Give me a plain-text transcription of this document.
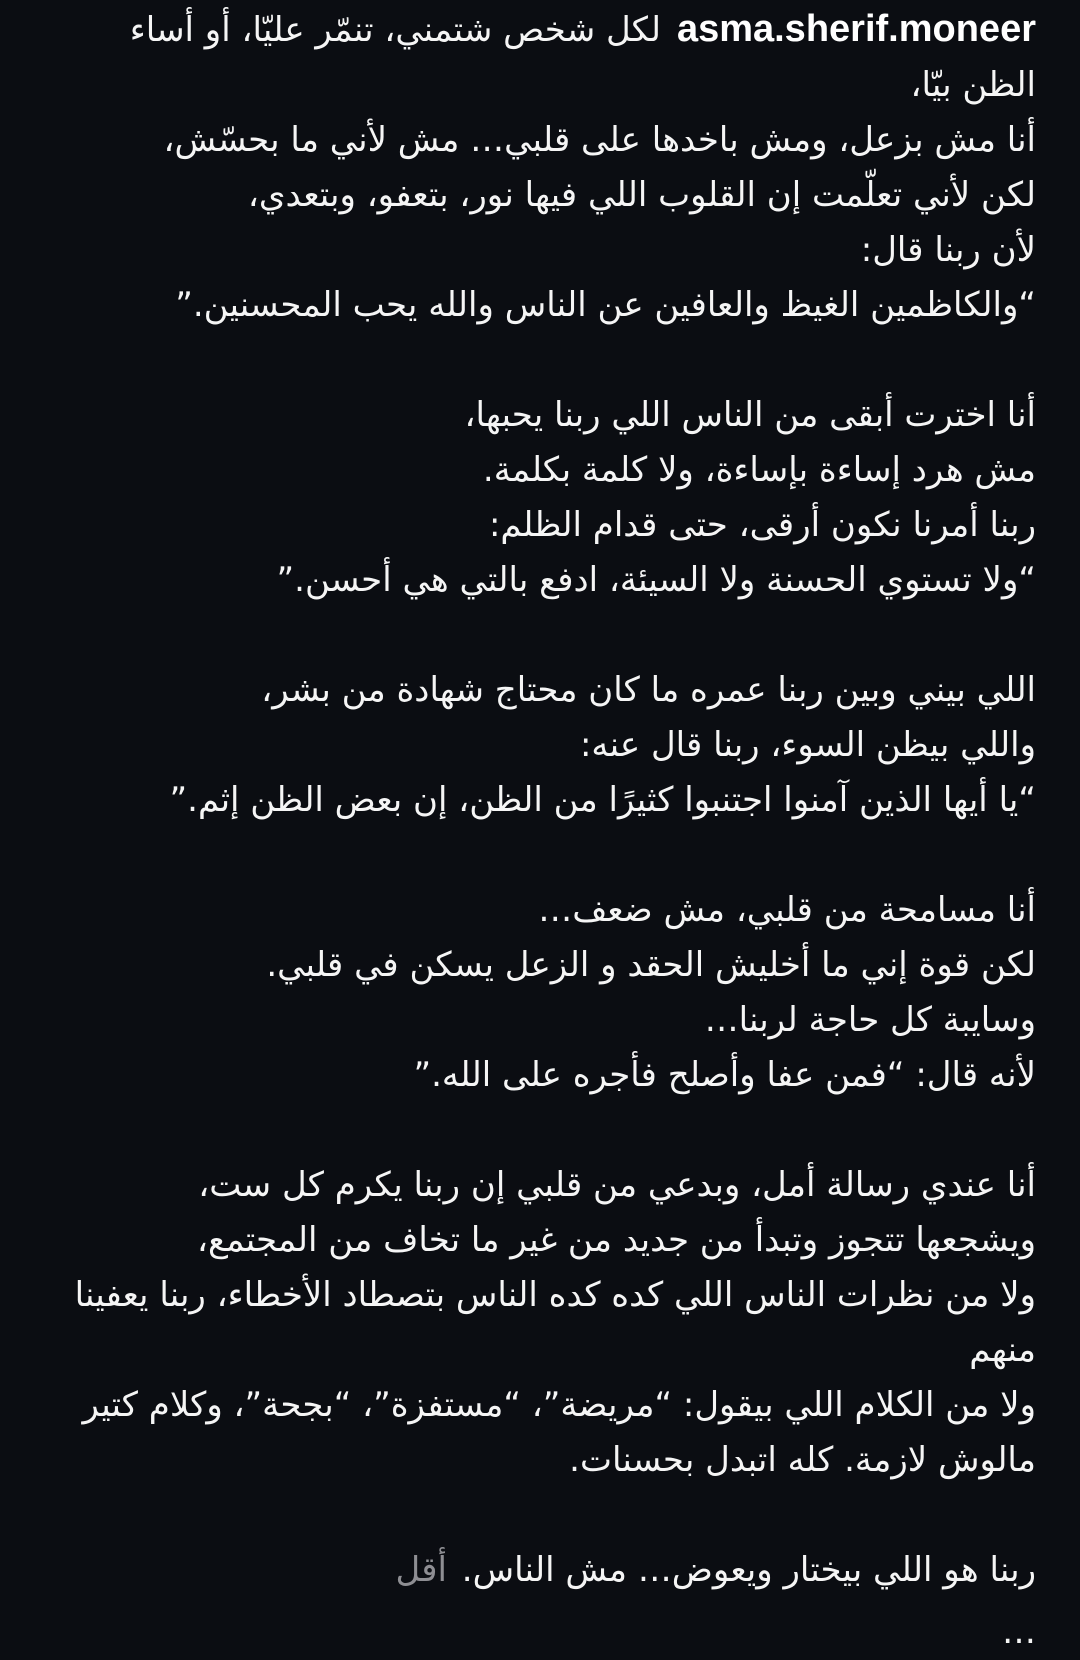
asma.sherif.moneerلكل شخص شتمني، تنمّر عليّا، أو أساء
الظن بيّا،
أنا مش بزعل، ومش باخدها على قلبي… مش لأني ما بحسّش،
لكن لأني تعلّمت إن القلوب اللي فيها نور، بتعفو، وبتعدي،
لأن ربنا قال:
“والكاظمين الغيظ والعافين عن الناس والله يحب المحسنين.”
أنا اخترت أبقى من الناس اللي ربنا يحبها،
مش هرد إساءة بإساءة، ولا كلمة بكلمة.
ربنا أمرنا نكون أرقى، حتى قدام الظلم:
“ولا تستوي الحسنة ولا السيئة، ادفع بالتي هي أحسن.”
اللي بيني وبين ربنا عمره ما كان محتاج شهادة من بشر،
واللي بيظن السوء، ربنا قال عنه:
“يا أيها الذين آمنوا اجتنبوا كثيرًا من الظن، إن بعض الظن إثم.”
أنا مسامحة من قلبي، مش ضعف…
لكن قوة إني ما أخليش الحقد و الزعل يسكن في قلبي.
وسايبة كل حاجة لربنا…
لأنه قال: “فمن عفا وأصلح فأجره على الله.”
أنا عندي رسالة أمل، وبدعي من قلبي إن ربنا يكرم كل ست،
ويشجعها تتجوز وتبدأ من جديد من غير ما تخاف من المجتمع،
ولا من نظرات الناس اللي كده كده الناس بتصطاد الأخطاء، ربنا يعفينا منهم
ولا من الكلام اللي بيقول: “مريضة”، “مستفزة”، “بجحة”، وكلام كتير مالوش لازمة. كله اتبدل بحسنات.
ربنا هو اللي بيختار ويعوض… مش الناس. أقل
…
